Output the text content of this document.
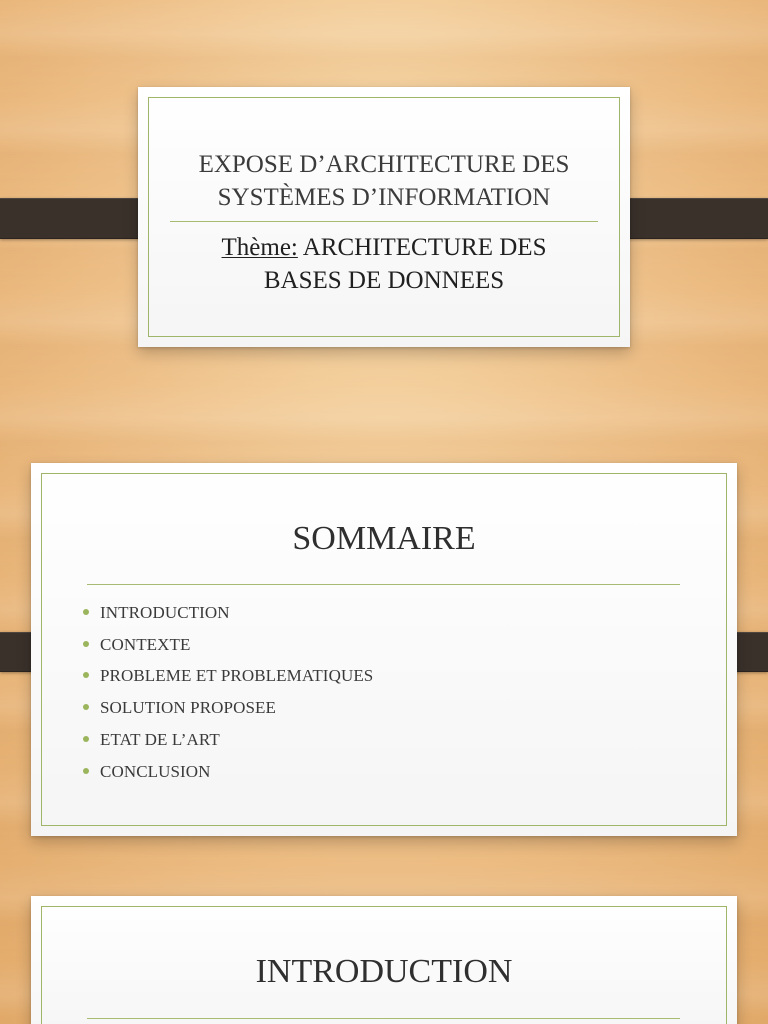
EXPOSE D’ARCHITECTURE DES
SYSTÈMES D’INFORMATION
Thème: ARCHITECTURE DES
BASES DE DONNEES
SOMMAIRE
INTRODUCTION
CONTEXTE
PROBLEME ET PROBLEMATIQUES
SOLUTION PROPOSEE
ETAT DE L’ART
CONCLUSION
INTRODUCTION
